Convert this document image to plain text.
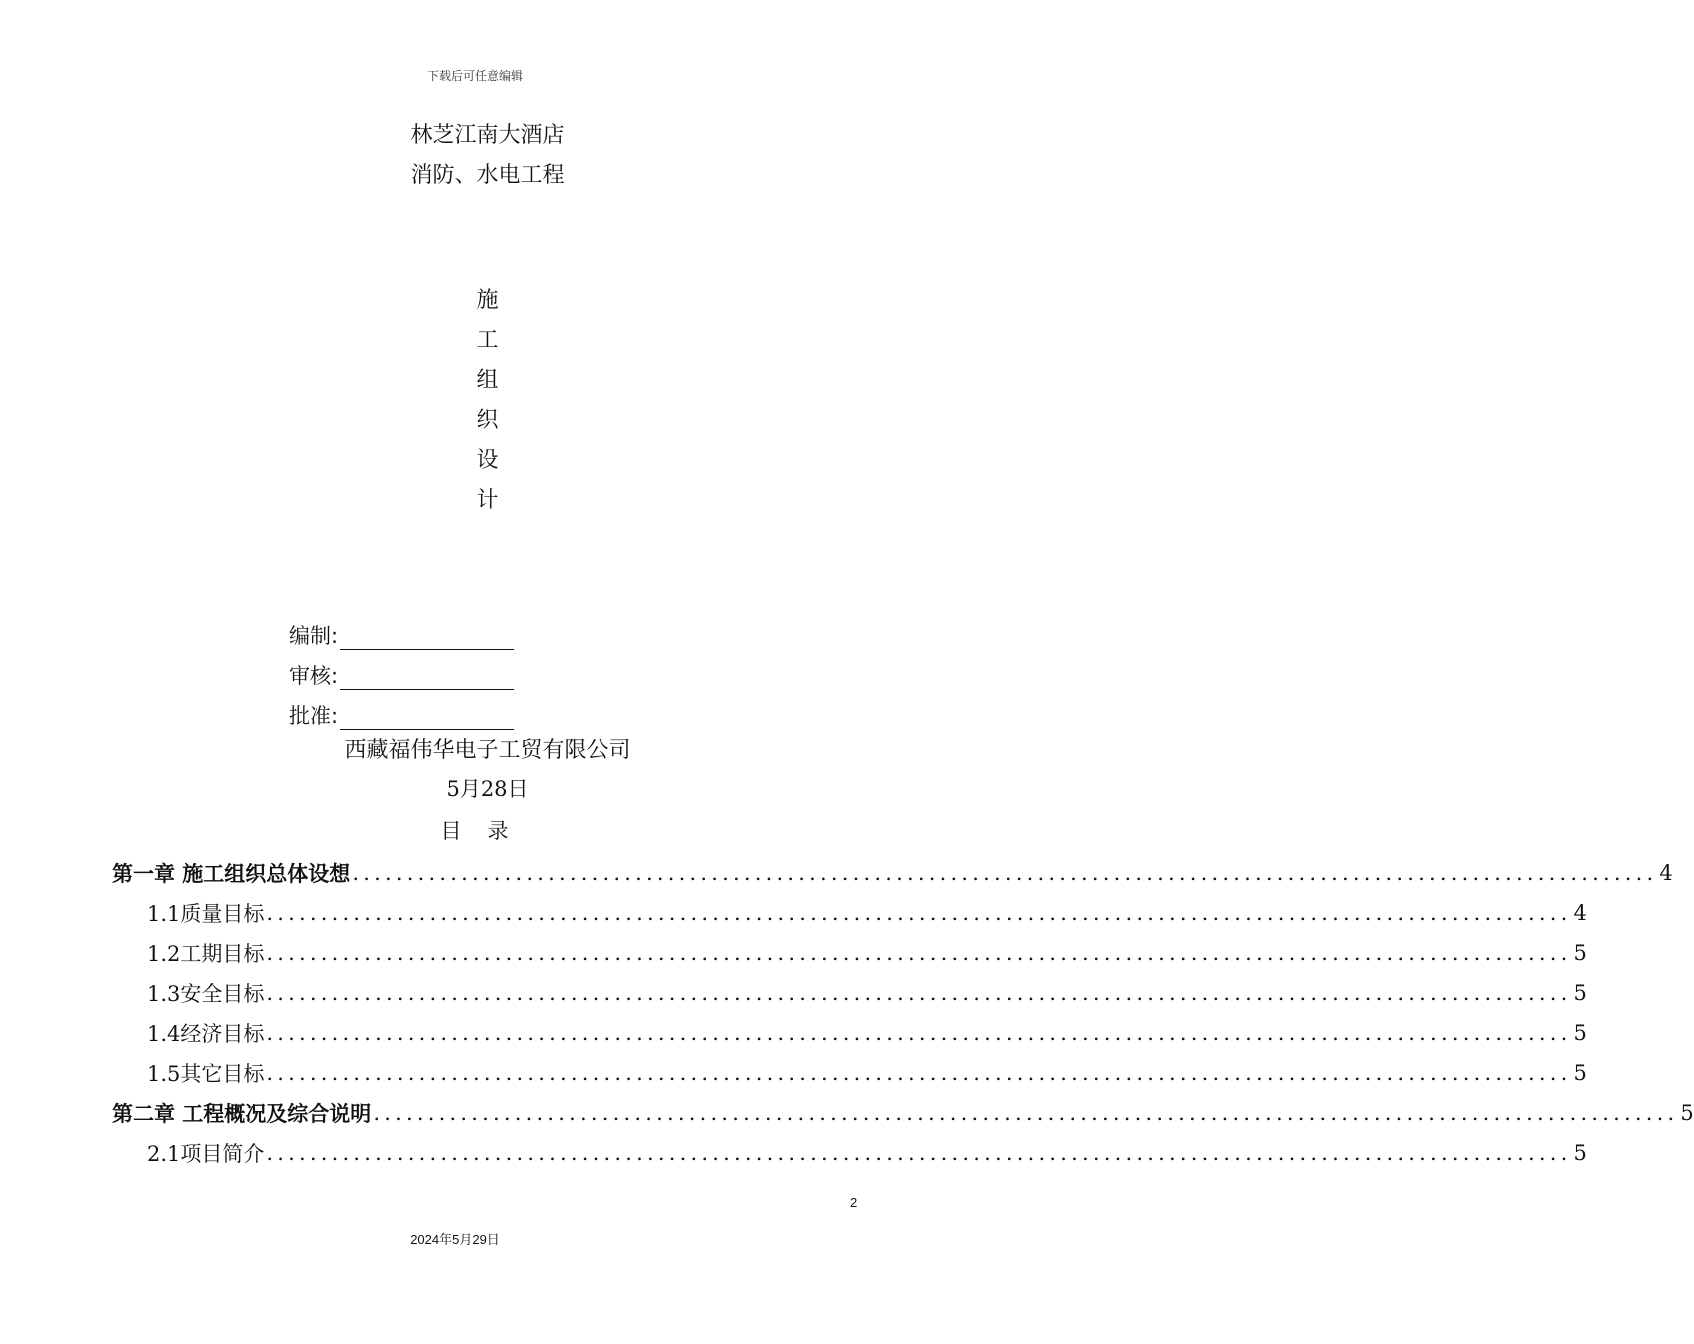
下载后可任意编辑
林芝江南大酒店
消防、水电工程
施
工
组
织
设
计
编制:
审核:
批准:
西藏福伟华电子工贸有限公司
5月28日
目录
第一章 施工组织总体设想 ........................................................................................................................ 4
1.1质量目标 ........................................................................................................................ 4
1.2工期目标 ........................................................................................................................ 5
1.3安全目标 ........................................................................................................................ 5
1.4经济目标 ........................................................................................................................ 5
1.5其它目标 ........................................................................................................................ 5
第二章 工程概况及综合说明 ........................................................................................................................ 5
2.1项目简介 ........................................................................................................................ 5
2
2024年5月29日
